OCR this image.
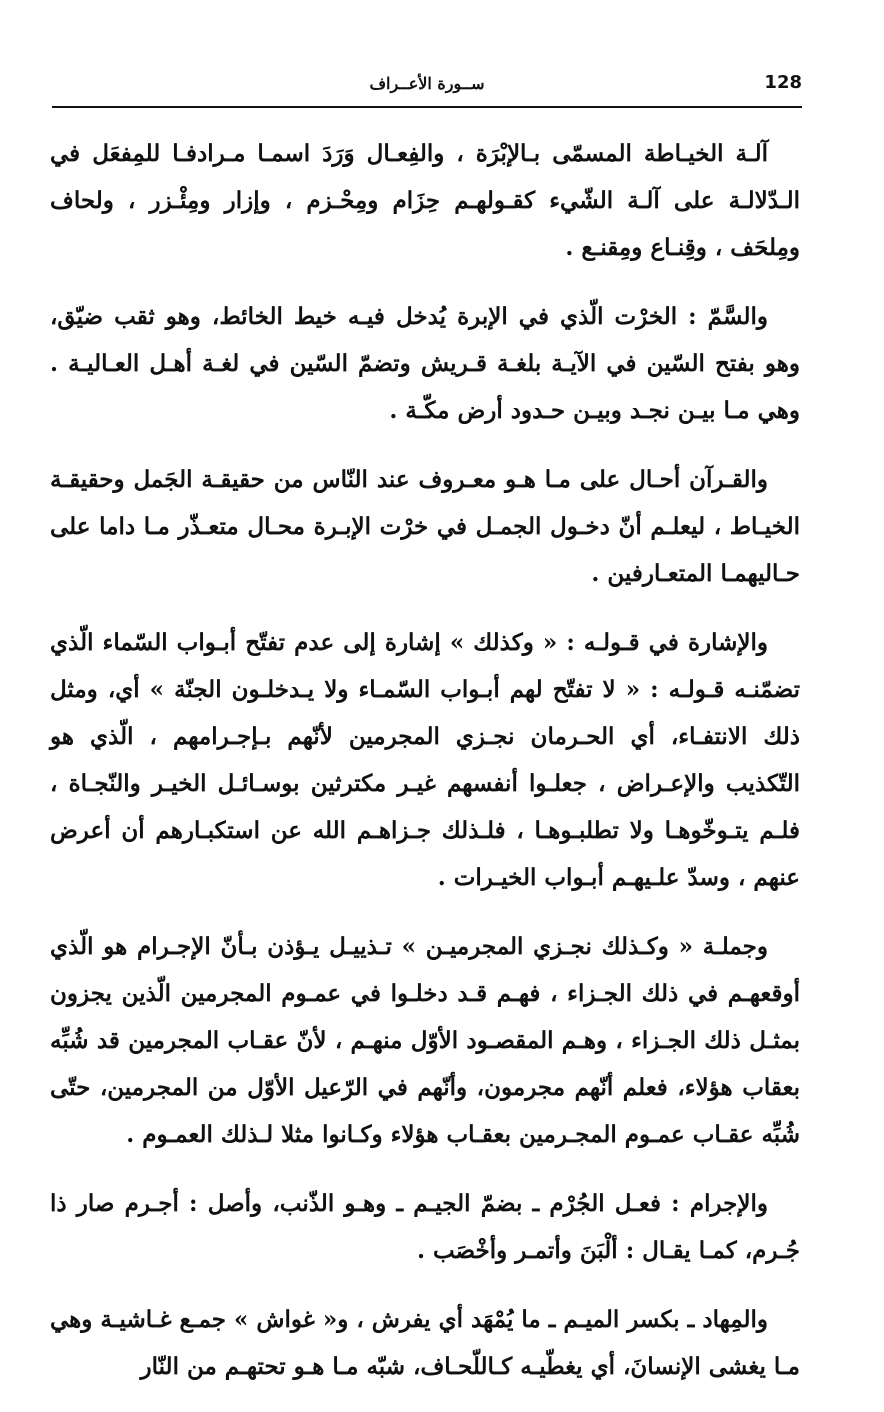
128
ســورة الأعــراف

آلـة الخيـاطة المسمّى بـالإبْرَة ، والفِعـال وَرَدَ اسمـا مـرادفـا للمِفعَل في الـدّلالـة على آلـة الشّيء كقـولهـم حِزَام ومِحْـزم ، وإزار ومِئْـزر ، ولحاف ومِلحَف ، وقِنـاع ومِقنـع .

والسَّمّ : الخرْت الّذي في الإبرة يُدخل فيـه خيط الخائط، وهو ثقب ضيّق، وهو بفتح السّين في الآيـة بلغـة قـريش وتضمّ السّين في لغـة أهـل العـاليـة . وهي مـا بيـن نجـد وبيـن حـدود أرض مكّـة .

والقـرآن أحـال على مـا هـو معـروف عند النّاس من حقيقـة الجَمل وحقيقـة الخيـاط ، ليعلـم أنّ دخـول الجمـل في خرْت الإبـرة محـال متعـذّر مـا داما على حـاليهمـا المتعـارفين .

والإشارة في قـولـه : « وكذلك » إشارة إلى عدم تفتّح أبـواب السّماء الّذي تضمّنـه قـولـه : « لا تفتّح لهم أبـواب السّمـاء ولا يـدخلـون الجنّة » أي، ومثل ذلك الانتفـاء، أي الحـرمان نجـزي المجرمين لأنّهم بـإجـرامهم ، الّذي هو التّكذيب والإعـراض ، جعلـوا أنفسهم غيـر مكترثين بوسـائـل الخيـر والنّجـاة ، فلـم يتـوخّوهـا ولا تطلبـوهـا ، فلـذلك جـزاهـم الله عن استكبـارهم أن أعرض عنهم ، وسدّ علـيهـم أبـواب الخيـرات .

وجملـة « وكـذلك نجـزي المجرميـن » تـذييـل يـؤذن بـأنّ الإجـرام هو الّذي أوقعهـم في ذلك الجـزاء ، فهـم قـد دخلـوا في عمـوم المجرمين الّذين يجزون بمثـل ذلك الجـزاء ، وهـم المقصـود الأوّل منهـم ، لأنّ عقـاب المجرمين قد شُبِّه بعقاب هؤلاء، فعلم أنّهم مجرمون، وأنّهم في الرّعيل الأوّل من المجرمين، حتّى شُبِّه عقـاب عمـوم المجـرمين بعقـاب هؤلاء وكـانوا مثلا لـذلك العمـوم .

والإجرام : فعـل الجُرْم ـ بضمّ الجيـم ـ وهـو الذّنب، وأصل : أجـرم صار ذا جُـرم، كمـا يقـال : ألْبَنَ وأتمـر وأخْصَب .

والمِهاد ـ بكسر الميـم ـ ما يُمْهَد أي يفرش ، و« غواش » جمـع غـاشيـة وهي مـا يغشى الإنسانَ، أي يغطّيـه كـاللّحـاف، شبّه مـا هـو تحتهـم من النّار
